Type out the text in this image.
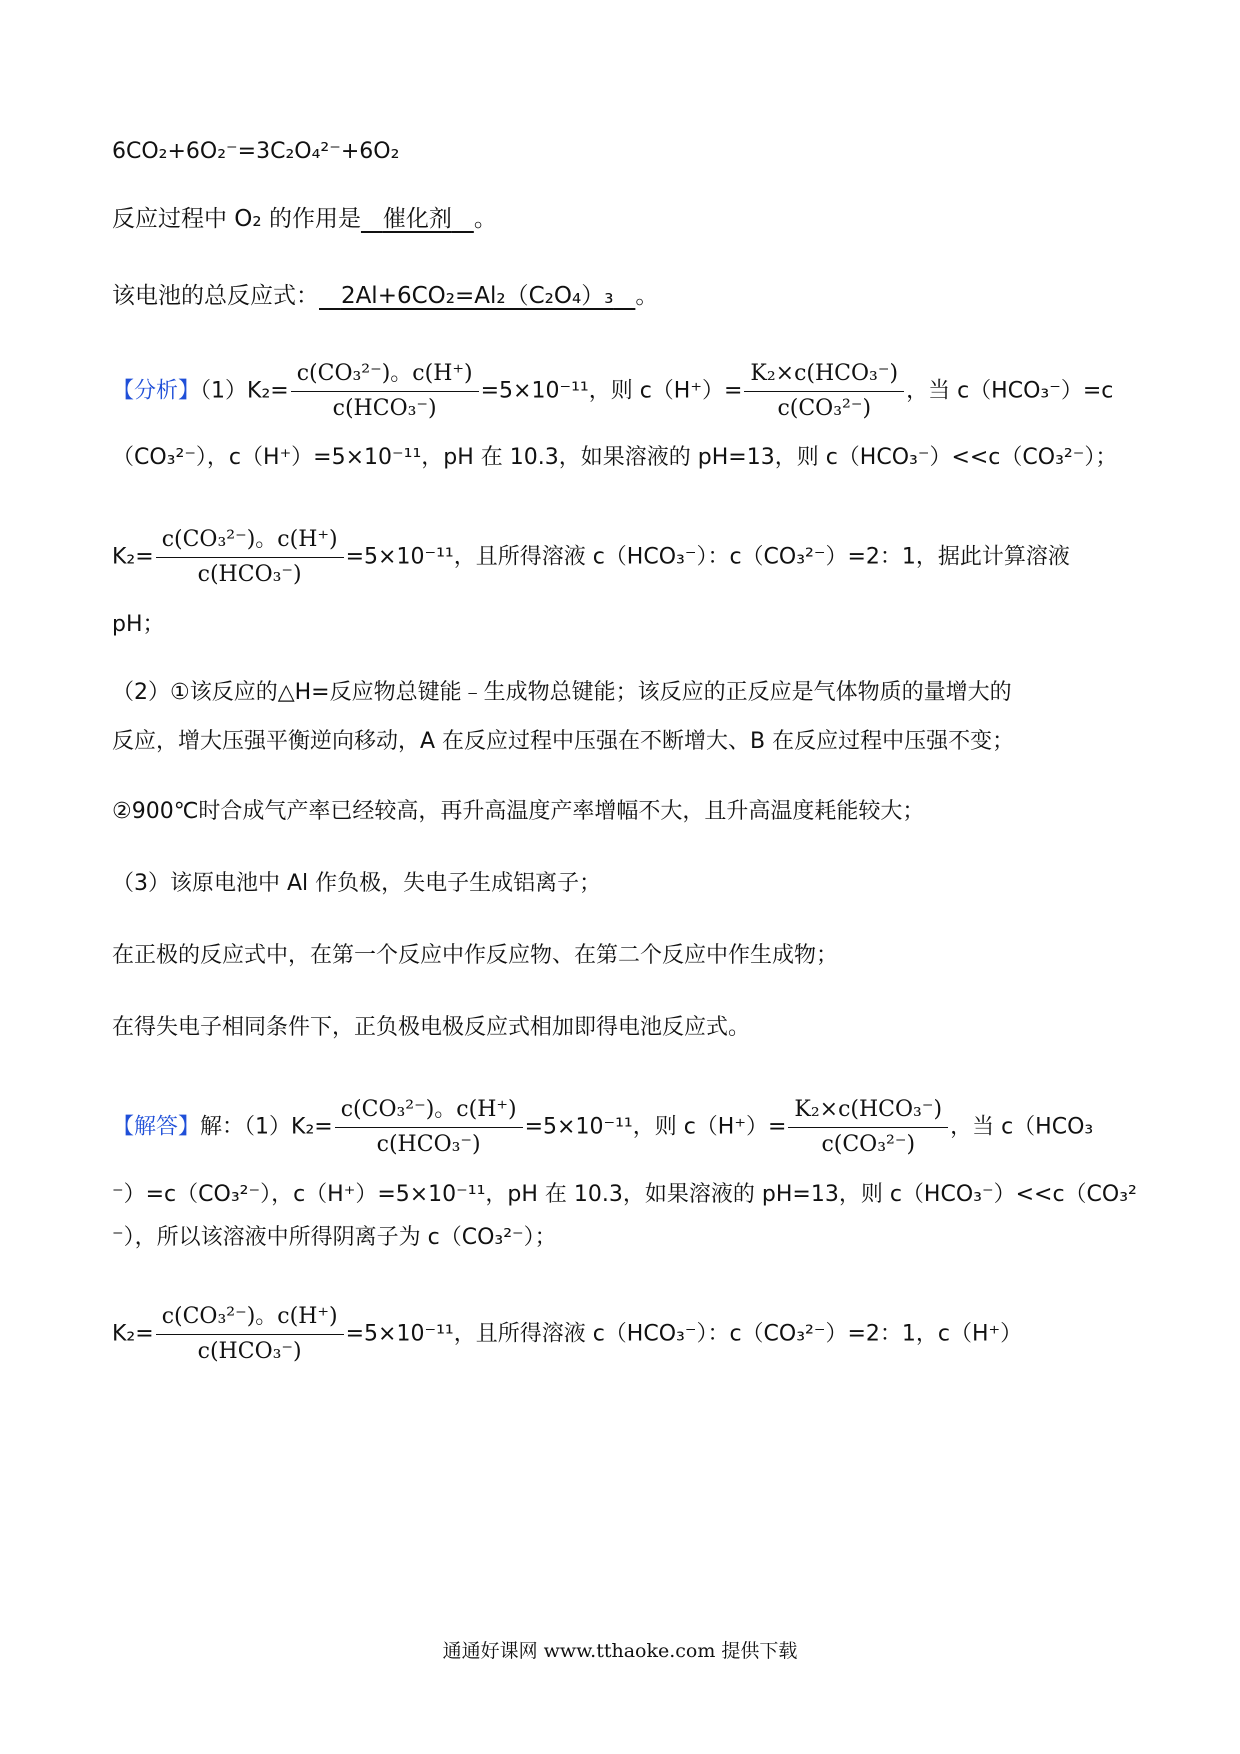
6CO₂+6O₂⁻=3C₂O₄²⁻+6O₂
反应过程中 O₂ 的作用是 催化剂 。
该电池的总反应式： 2Al+6CO₂=Al₂（C₂O₄）₃ 。
【分析】$(1)K_2= \frac{\text{c(CO₃²⁻)。c(H⁺)}}{\text{c(HCO₃⁻)}} =5\times 10^{-11}$，则 $c(H^+)= \frac{\text{K₂×c(HCO₃⁻)}}{\text{c(CO₃²⁻)}}$ ，当 c（HCO₃⁻）=c
（CO₃²⁻），c（H⁺）=5×10⁻¹¹，pH 在 10.3，如果溶液的 pH=13，则 c（HCO₃⁻）<<c（CO₃²⁻）；
$K_2= \frac{\text{c(CO₃²⁻)。c(H⁺)}}{\text{c(HCO₃⁻)}} =5\times 10^{-11}$，且所得溶液 c（HCO₃⁻）：c（CO₃²⁻）=2：1，据此计算溶液
pH；
（2）①该反应的△H=反应物总键能﹣生成物总键能；该反应的正反应是气体物质的量增大的
反应，增大压强平衡逆向移动，A 在反应过程中压强在不断增大、B 在反应过程中压强不变；
②900℃时合成气产率已经较高，再升高温度产率增幅不大，且升高温度耗能较大；
（3）该原电池中 Al 作负极，失电子生成铝离子；
在正极的反应式中，在第一个反应中作反应物、在第二个反应中作生成物；
在得失电子相同条件下，正负极电极反应式相加即得电池反应式。
【解答】解：$(1)K_2= \frac{\text{c(CO₃²⁻)。c(H⁺)}}{\text{c(HCO₃⁻)}} =5\times 10^{-11}$，则 $c(H^+)= \frac{\text{K₂×c(HCO₃⁻)}}{\text{c(CO₃²⁻)}}$ ，当 c（HCO₃
⁻）=c（CO₃²⁻），c（H⁺）=5×10⁻¹¹，pH 在 10.3，如果溶液的 pH=13，则 c（HCO₃⁻）<<c（CO₃²
⁻），所以该溶液中所得阴离子为 c（CO₃²⁻）；
$K_2= \frac{\text{c(CO₃²⁻)。c(H⁺)}}{\text{c(HCO₃⁻)}} =5\times 10^{-11}$，且所得溶液 c（HCO₃⁻）：c（CO₃²⁻）=2：1，c（H⁺）
通通好课网 www.tthaoke.com 提供下载
